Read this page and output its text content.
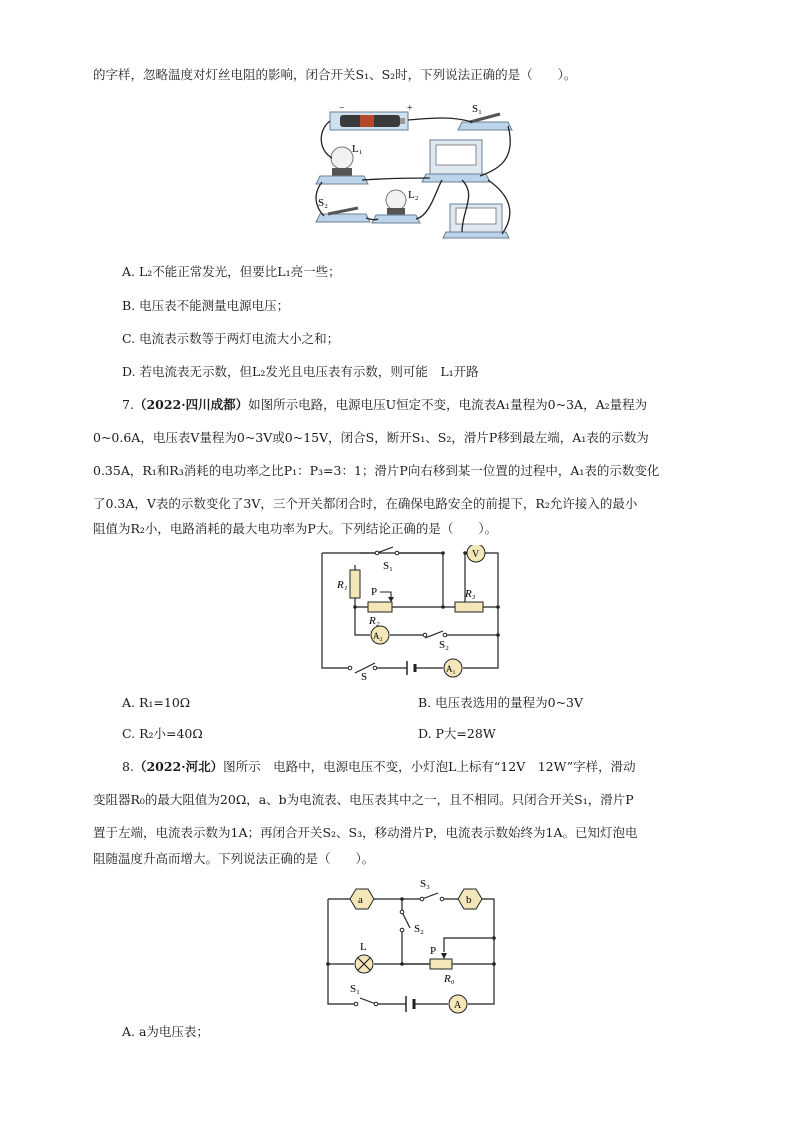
的字样，忽略温度对灯丝电阻的影响，闭合开关S₁、S₂时，下列说法正确的是（　　）。
−	+	S₁
L₁
S₂
L₂
A. L₂不能正常发光，但要比L₁亮一些；
B. 电压表不能测量电源电压；
C. 电流表示数等于两灯电流大小之和；
D. 若电流表无示数，但L₂发光且电压表有示数，则可能　L₁开路
7.（2022·四川成都）如图所示电路，电源电压U恒定不变，电流表A₁量程为0~3A，A₂量程为
0~0.6A，电压表V量程为0~3V或0~15V，闭合S，断开S₁、S₂，滑片P移到最左端，A₁表的示数为
0.35A，R₁和R₃消耗的电功率之比P₁：P₃=3：1；滑片P向右移到某一位置的过程中，A₁表的示数变化
了0.3A，V表的示数变化了3V，三个开关都闭合时，在确保电路安全的前提下，R₂允许接入的最小
阻值为R₂小，电路消耗的最大电功率为P大。下列结论正确的是（　　）。
S₁
V
R₁
P	R₃
R₂
A₂
S₂
S
A₁
A. R₁=10Ω	B. 电压表选用的量程为0~3V
C. R₂小=40Ω	D. P大=28W
8.（2022·河北）图所示　电路中，电源电压不变，小灯泡L上标有“12V　12W”字样，滑动
变阻器R₀的最大阻值为20Ω，a、b为电流表、电压表其中之一，且不相同。只闭合开关S₁，滑片P
置于左端，电流表示数为1A；再闭合开关S₂、S₃，移动滑片P，电流表示数始终为1A。已知灯泡电
阻随温度升高而增大。下列说法正确的是（　　）。
a
S₃
b
S₂
L	P
R₀
S₁
A
A. a为电压表；
